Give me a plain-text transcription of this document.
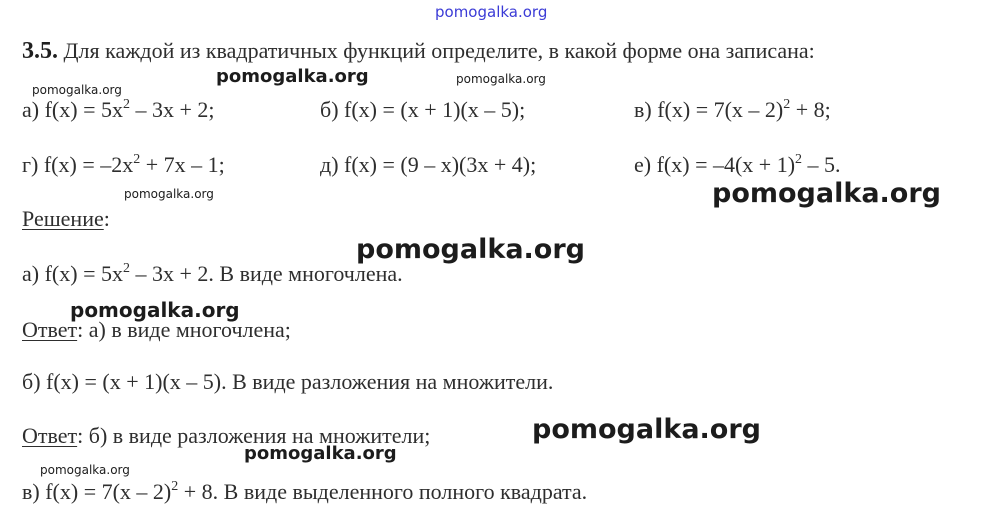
pomogalka.org
3.5. Для каждой из квадратичных функций определите, в какой форме она записана:
pomogalka.org
pomogalka.org	pomogalka.org
а) $f(x) = 5x^2 - 3x + 2$;	б) f(x) = (x + 1)(x – 5);	в) f(x) = 7(x – 2)$^2$ + 8;
г) $f(x) = -2x^2 + 7x - 1$;	д) f(x) = (9 – x)(3x + 4);	е) $f(x) = -4(x + 1)^2 - 5$.
pomogalka.org	pomogalka.org
Решение:
pomogalka.org
а) $f(x) = 5x^2 - 3x + 2$. В виде многочлена.
pomogalka.org
Ответ: а) в виде многочлена;
б) f(x) = (x + 1)(x – 5). В виде разложения на множители.
Ответ: б) в виде разложения на множители;	pomogalka.org
pomogalka.org
pomogalka.org
в) f(x) = 7(x – 2)$^2$ + 8. В виде выделенного полного квадрата.
